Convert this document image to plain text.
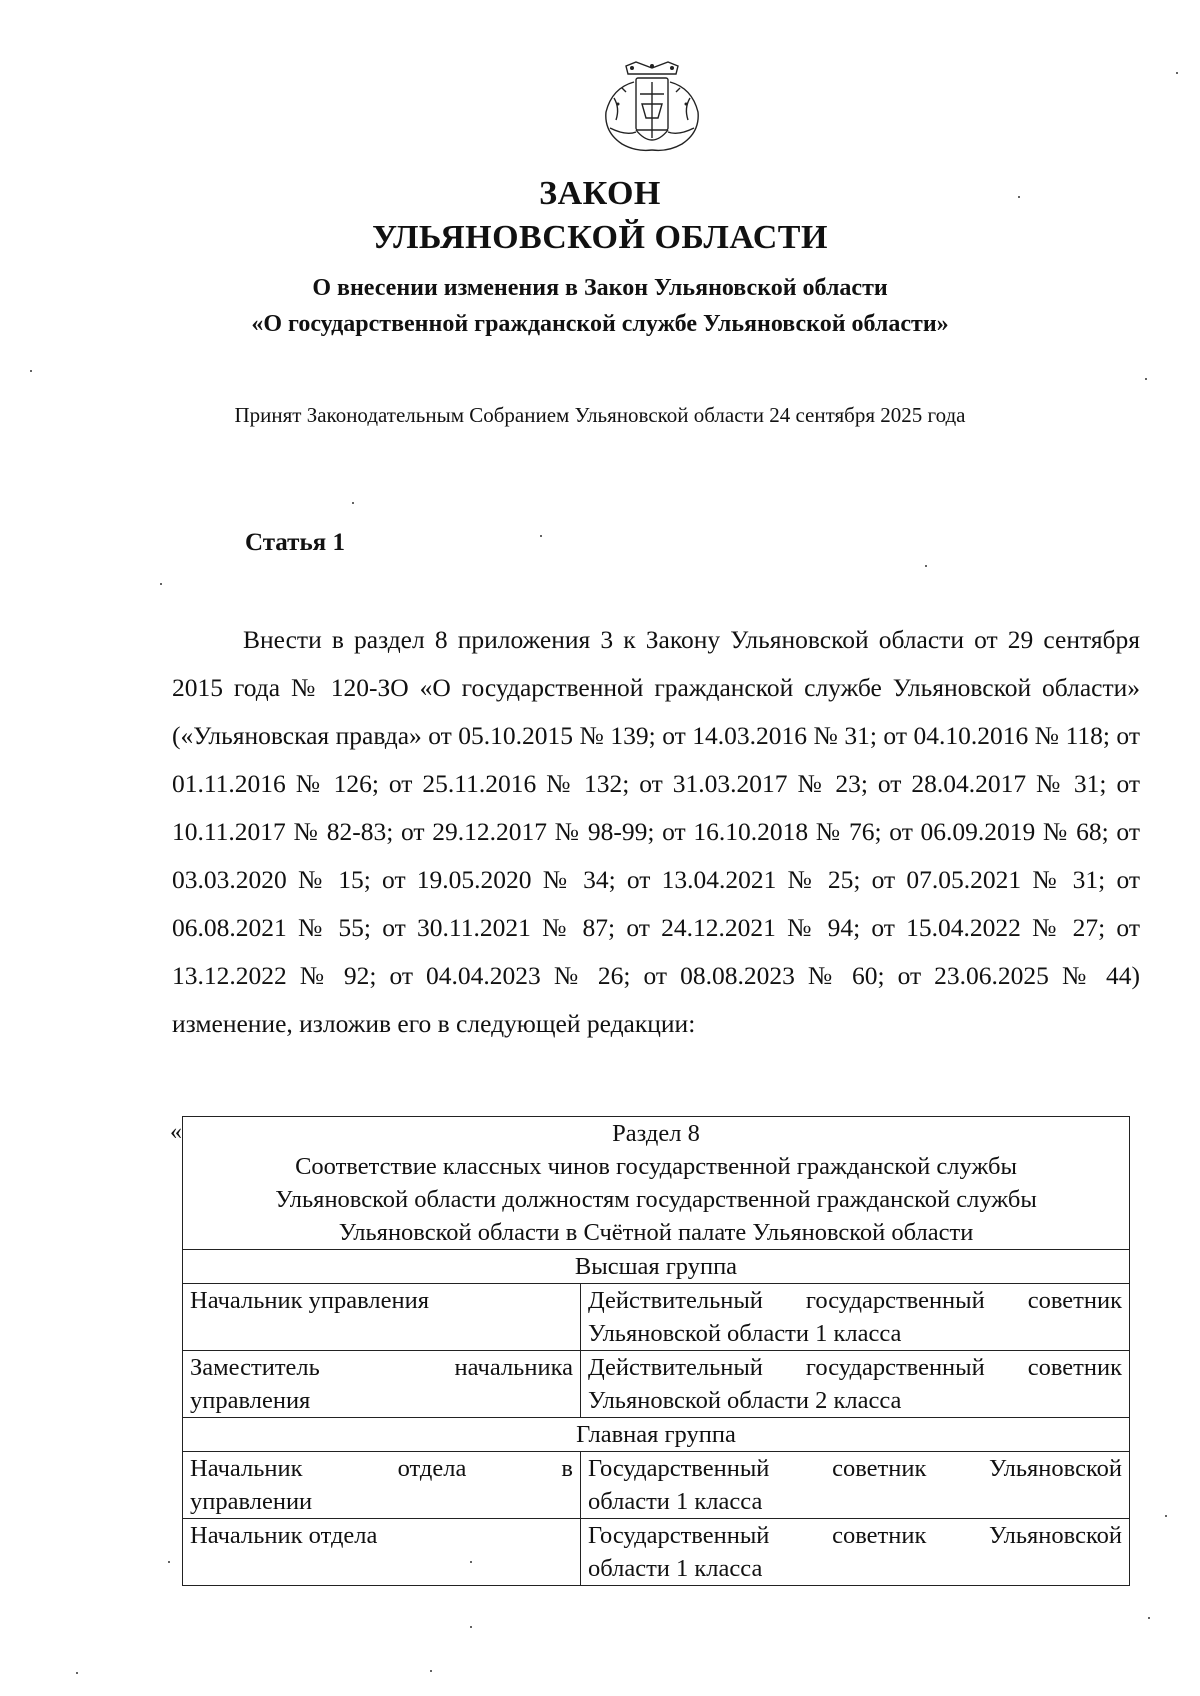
ЗАКОН
УЛЬЯНОВСКОЙ ОБЛАСТИ
О внесении изменения в Закон Ульяновской области
«О государственной гражданской службе Ульяновской области»
Принят Законодательным Собранием Ульяновской области 24 сентября 2025 года
Статья 1
Внести в раздел 8 приложения 3 к Закону Ульяновской области от 29 сентября 2015 года № 120-ЗО «О государственной гражданской службе Ульяновской области» («Ульяновская правда» от 05.10.2015 № 139; от 14.03.2016 № 31; от 04.10.2016 № 118; от 01.11.2016 № 126; от 25.11.2016 № 132; от 31.03.2017 № 23; от 28.04.2017 № 31; от 10.11.2017 № 82-83; от 29.12.2017 № 98-99; от 16.10.2018 № 76; от 06.09.2019 № 68; от 03.03.2020 № 15; от 19.05.2020 № 34; от 13.04.2021 № 25; от 07.05.2021 № 31; от 06.08.2021 № 55; от 30.11.2021 № 87; от 24.12.2021 № 94; от 15.04.2022 № 27; от 13.12.2022 № 92; от 04.04.2023 № 26; от 08.08.2023 № 60; от 23.06.2025 № 44) изменение, изложив его в следующей редакции:
«	Раздел 8
Соответствие классных чинов государственной гражданской службы
Ульяновской области должностям государственной гражданской службы
Ульяновской области в Счётной палате Ульяновской области	

Высшая группа	
Начальник управления	Действительный государственный советник
Ульяновской области 1 класса

Заместитель начальника
управления	Действительный государственный советник
Ульяновской области 2 класса

Главная группа	
Начальник отдела в
управлении	Государственный советник Ульяновской
области 1 класса

Начальник отдела	Государственный советник Ульяновской
области 1 класса
